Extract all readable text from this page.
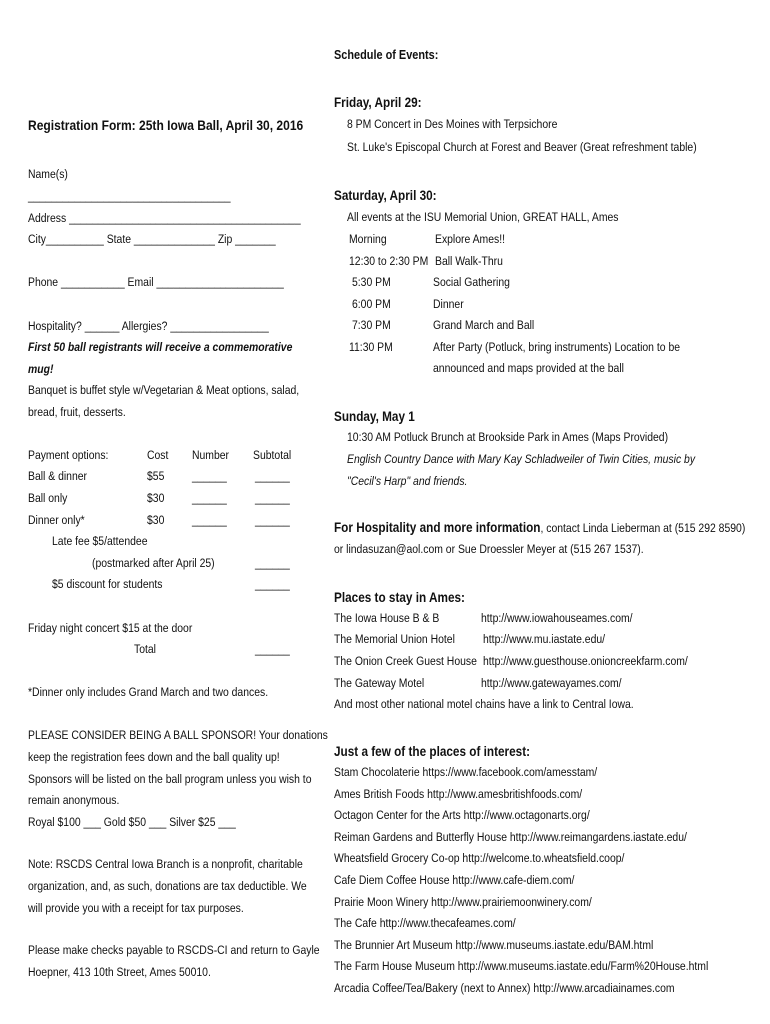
Registration Form: 25th Iowa Ball, April 30, 2016
Name(s)
___________________________________
Address ________________________________________
City__________ State ______________ Zip _______
Phone ___________ Email ______________________
Hospitality? ______ Allergies? _________________
First 50 ball registrants will receive a commemorative
mug!
Banquet is buffet style w/Vegetarian & Meat options, salad,
bread, fruit, desserts.
Payment options:	Cost Number Subtotal
Ball & dinner	$55 ______ ______
Ball only	$30 ______ ______
Dinner only*	$30 ______ ______
Late fee $5/attendee
(postmarked after April 25)	______
$5 discount for students	______
Friday night concert $15 at the door
Total	______
*Dinner only includes Grand March and two dances.
PLEASE CONSIDER BEING A BALL SPONSOR! Your donations
keep the registration fees down and the ball quality up!
Sponsors will be listed on the ball program unless you wish to
remain anonymous.
Royal $100 ___ Gold $50 ___ Silver $25 ___
Note: RSCDS Central Iowa Branch is a nonprofit, charitable
organization, and, as such, donations are tax deductible. We
will provide you with a receipt for tax purposes.
Please make checks payable to RSCDS-CI and return to Gayle
Hoepner, 413 10th Street, Ames 50010.
Schedule of Events:
Friday, April 29:
8 PM Concert in Des Moines with Terpsichore
St. Luke's Episcopal Church at Forest and Beaver (Great refreshment table)
Saturday, April 30:
All events at the ISU Memorial Union, GREAT HALL, Ames
Morning	Explore Ames!!
12:30 to 2:30 PM Ball Walk-Thru
5:30 PM	Social Gathering
6:00 PM	Dinner
7:30 PM	Grand March and Ball
11:30 PM	After Party (Potluck, bring instruments) Location to be
announced and maps provided at the ball
Sunday, May 1
10:30 AM Potluck Brunch at Brookside Park in Ames (Maps Provided)
English Country Dance with Mary Kay Schladweiler of Twin Cities, music by
"Cecil's Harp" and friends.
For Hospitality and more information, contact Linda Lieberman at (515 292 8590)
or lindasuzan@aol.com or Sue Droessler Meyer at (515 267 1537).
Places to stay in Ames:
The Iowa House B & B	http://www.iowahouseames.com/
The Memorial Union Hotel http://www.mu.iastate.edu/
The Onion Creek Guest House http://www.guesthouse.onioncreekfarm.com/
The Gateway Motel	http://www.gatewayames.com/
And most other national motel chains have a link to Central Iowa.
Just a few of the places of interest:
Stam Chocolaterie https://www.facebook.com/amesstam/
Ames British Foods http://www.amesbritishfoods.com/
Octagon Center for the Arts http://www.octagonarts.org/
Reiman Gardens and Butterfly House http://www.reimangardens.iastate.edu/
Wheatsfield Grocery Co-op http://welcome.to.wheatsfield.coop/
Cafe Diem Coffee House http://www.cafe-diem.com/
Prairie Moon Winery http://www.prairiemoonwinery.com/
The Cafe http://www.thecafeames.com/
The Brunnier Art Museum http://www.museums.iastate.edu/BAM.html
The Farm House Museum http://www.museums.iastate.edu/Farm%20House.html
Arcadia Coffee/Tea/Bakery (next to Annex) http://www.arcadiainames.com
